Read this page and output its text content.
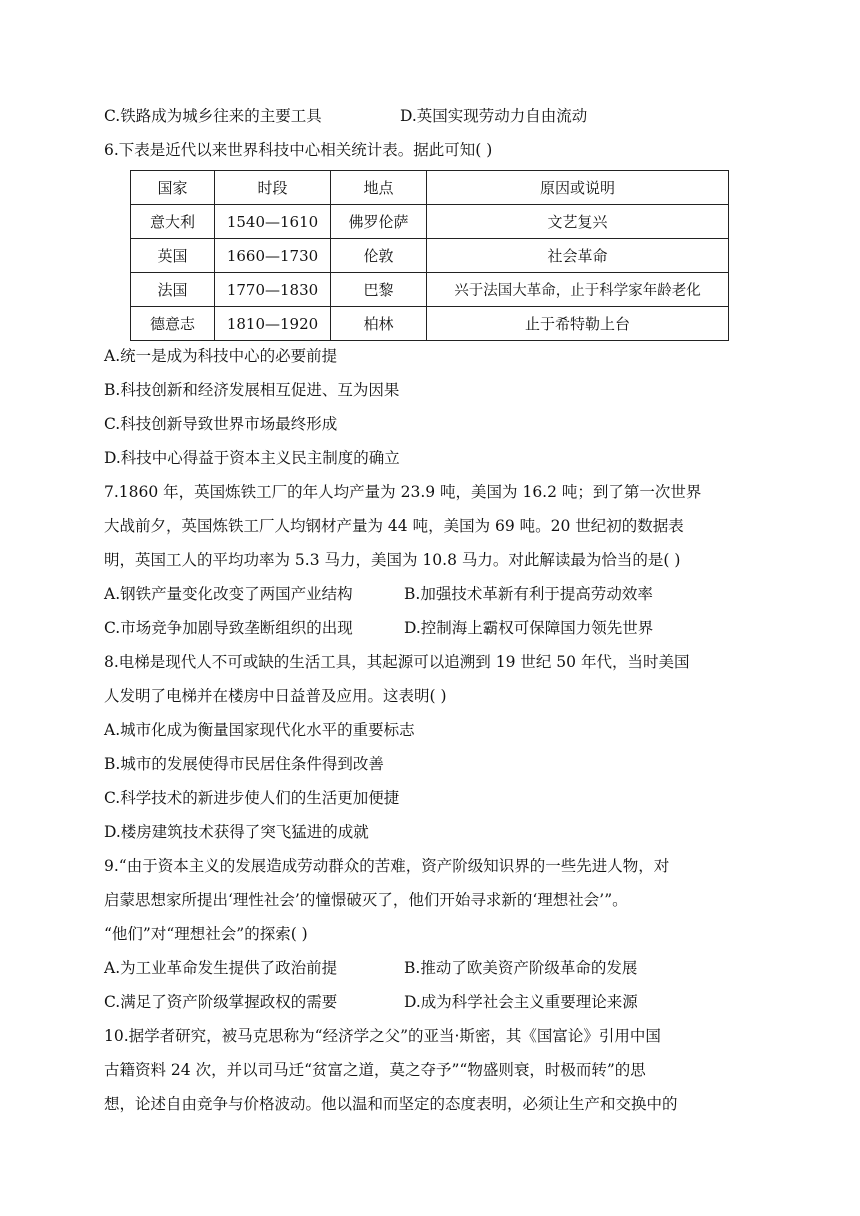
C.铁路成为城乡往来的主要工具	D.英国实现劳动力自由流动
6.下表是近代以来世界科技中心相关统计表。据此可知( )
国家	时段	地点	原因或说明
意大利	1540—1610	佛罗伦萨	文艺复兴
英国	1660—1730	伦敦	社会革命
法国	1770—1830	巴黎	兴于法国大革命，止于科学家年龄老化
德意志	1810—1920	柏林	止于希特勒上台
A.统一是成为科技中心的必要前提
B.科技创新和经济发展相互促进、互为因果
C.科技创新导致世界市场最终形成
D.科技中心得益于资本主义民主制度的确立
7.1860 年，英国炼铁工厂的年人均产量为 23.9 吨，美国为 16.2 吨；到了第一次世界
大战前夕，英国炼铁工厂人均钢材产量为 44 吨，美国为 69 吨。20 世纪初的数据表
明，英国工人的平均功率为 5.3 马力，美国为 10.8 马力。对此解读最为恰当的是( )
A.钢铁产量变化改变了两国产业结构	B.加强技术革新有利于提高劳动效率
C.市场竞争加剧导致垄断组织的出现	D.控制海上霸权可保障国力领先世界
8.电梯是现代人不可或缺的生活工具，其起源可以追溯到 19 世纪 50 年代，当时美国
人发明了电梯并在楼房中日益普及应用。这表明( )
A.城市化成为衡量国家现代化水平的重要标志
B.城市的发展使得市民居住条件得到改善
C.科学技术的新进步使人们的生活更加便捷
D.楼房建筑技术获得了突飞猛进的成就
9.“由于资本主义的发展造成劳动群众的苦难，资产阶级知识界的一些先进人物，对
启蒙思想家所提出‘理性社会’的憧憬破灭了，他们开始寻求新的‘理想社会’”。
“他们”对“理想社会”的探索( )
A.为工业革命发生提供了政治前提	B.推动了欧美资产阶级革命的发展
C.满足了资产阶级掌握政权的需要	D.成为科学社会主义重要理论来源
10.据学者研究，被马克思称为“经济学之父”的亚当·斯密，其《国富论》引用中国
古籍资料 24 次，并以司马迁“贫富之道，莫之夺予”“物盛则衰，时极而转”的思
想，论述自由竞争与价格波动。他以温和而坚定的态度表明，必须让生产和交换中的
